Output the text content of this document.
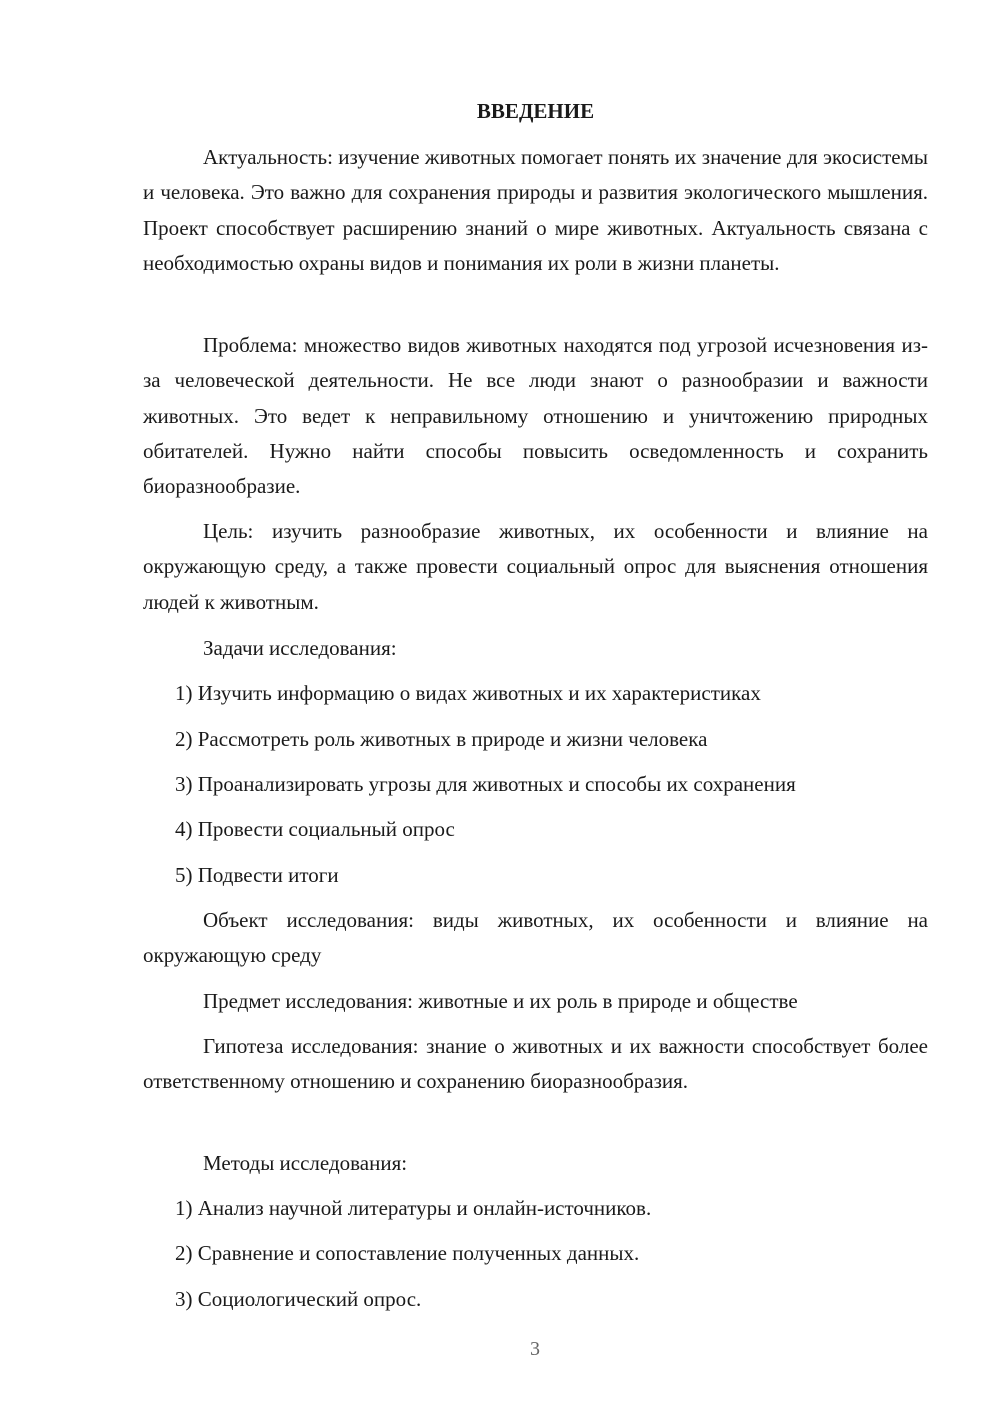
ВВЕДЕНИЕ
Актуальность: изучение животных помогает понять их значение для экосистемы и человека. Это важно для сохранения природы и развития экологического мышления. Проект способствует расширению знаний о мире животных. Актуальность связана с необходимостью охраны видов и понимания их роли в жизни планеты.
Проблема: множество видов животных находятся под угрозой исчезновения из-за человеческой деятельности. Не все люди знают о разнообразии и важности животных. Это ведет к неправильному отношению и уничтожению природных обитателей. Нужно найти способы повысить осведомленность и сохранить биоразнообразие.
Цель: изучить разнообразие животных, их особенности и влияние на окружающую среду, а также провести социальный опрос для выяснения отношения людей к животным.
Задачи исследования:
1) Изучить информацию о видах животных и их характеристиках
2) Рассмотреть роль животных в природе и жизни человека
3) Проанализировать угрозы для животных и способы их сохранения
4) Провести социальный опрос
5) Подвести итоги
Объект исследования: виды животных, их особенности и влияние на окружающую среду
Предмет исследования: животные и их роль в природе и обществе
Гипотеза исследования: знание о животных и их важности способствует более ответственному отношению и сохранению биоразнообразия.
Методы исследования:
1) Анализ научной литературы и онлайн-источников.
2) Сравнение и сопоставление полученных данных.
3) Социологический опрос.
3
